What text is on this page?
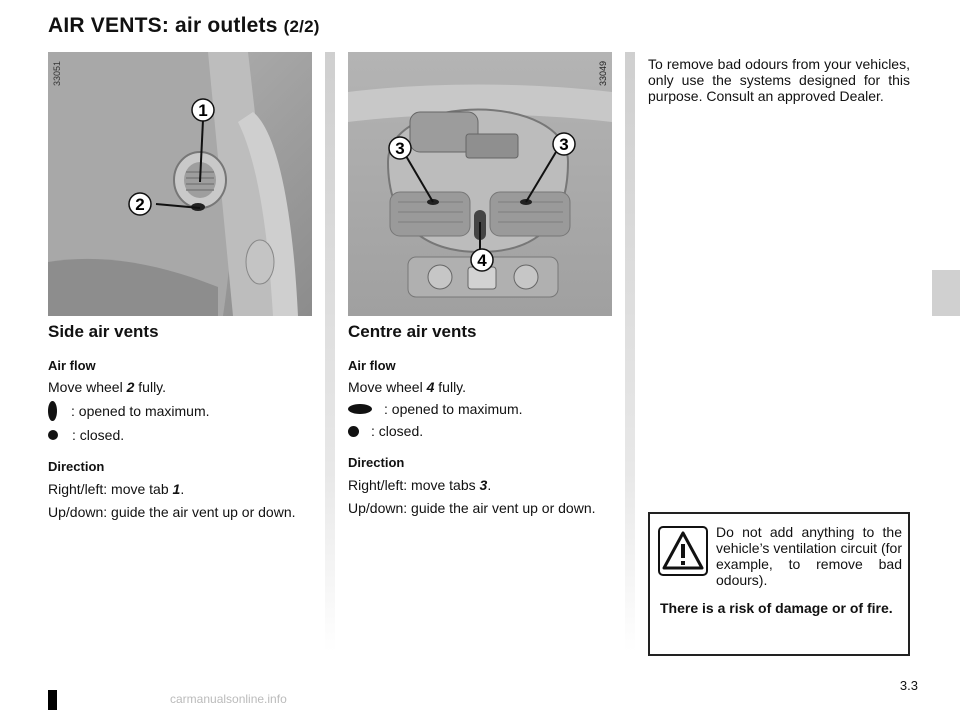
AIR VENTS: air outlets (2/2)
1
2
33051
3	3
4
33049
Side air vents
Air flow
Move wheel 2 fully.
: opened to maximum.
: closed.
Direction
Right/left: move tab 1.
Up/down: guide the air vent up or down.
Centre air vents
Air flow
Move wheel 4 fully.
: opened to maximum.
: closed.
Direction
Right/left: move tabs 3.
Up/down: guide the air vent up or down.
To remove bad odours from your vehicles, only use the systems designed for this purpose. Consult an approved Dealer.
Do not add anything to the vehicle’s ventilation circuit (for example, to remove bad odours).
There is a risk of damage or of fire.
3.3
carmanualsonline.info
